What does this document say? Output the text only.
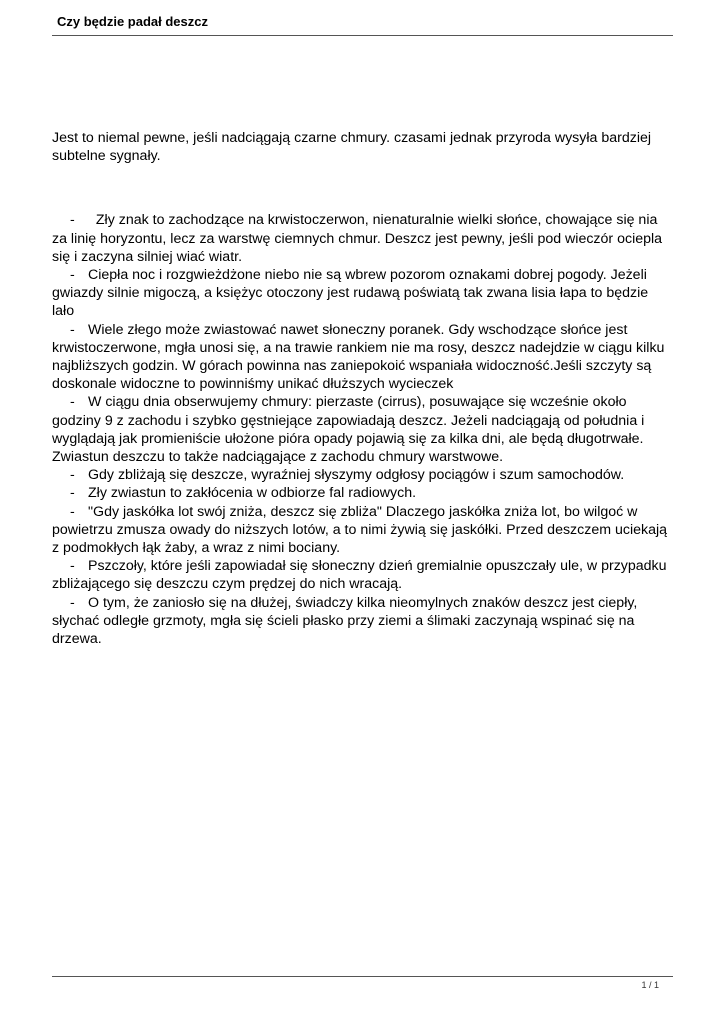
Czy będzie padał deszcz

Jest to niemal pewne, jeśli nadciągają czarne chmury. czasami jednak przyroda wysyła bardziej subtelne sygnały.

-  Zły znak to zachodzące na krwistoczerwon, nienaturalnie wielki słońce, chowające się nia za linię horyzontu, lecz za warstwę ciemnych chmur. Deszcz jest pewny, jeśli pod wieczór ociepla się i zaczyna silniej wiać wiatr.
- Ciepła noc i rozgwieżdżone niebo nie są wbrew pozorom oznakami dobrej pogody. Jeżeli gwiazdy silnie migoczą, a księżyc otoczony jest rudawą poświatą tak zwana lisia łapa to będzie lało
- Wiele złego może zwiastować nawet słoneczny poranek. Gdy wschodzące słońce jest krwistoczerwone, mgła unosi się, a na trawie rankiem nie ma rosy, deszcz nadejdzie w ciągu kilku najbliższych godzin. W górach powinna nas zaniepokoić wspaniała widoczność.Jeśli szczyty są doskonale widoczne to powinniśmy unikać dłuższych wycieczek
- W ciągu dnia obserwujemy chmury: pierzaste (cirrus), posuwające się wcześnie około godziny 9 z zachodu i szybko gęstniejące zapowiadają deszcz. Jeżeli nadciągają od południa i wyglądają jak promieniście ułożone pióra opady pojawią się za kilka dni, ale będą długotrwałe. Zwiastun deszczu to także nadciągające z zachodu chmury warstwowe.
- Gdy zbliżają się deszcze, wyraźniej słyszymy odgłosy pociągów i szum samochodów.
- Zły zwiastun to zakłócenia w odbiorze fal radiowych.
- "Gdy jaskółka lot swój zniża, deszcz się zbliża" Dlaczego jaskółka zniża lot, bo wilgoć w powietrzu zmusza owady do niższych lotów, a to nimi żywią się jaskółki. Przed deszczem uciekają z podmokłych łąk żaby, a wraz z nimi bociany.
- Pszczoły, które jeśli zapowiadał się słoneczny dzień gremialnie opuszczały ule, w przypadku zbliżającego się deszczu czym prędzej do nich wracają.
- O tym, że zaniosło się na dłużej, świadczy kilka nieomylnych znaków deszcz jest ciepły, słychać odległe grzmoty, mgła się ścieli płasko przy ziemi a ślimaki zaczynają wspinać się na drzewa.
1 / 1
